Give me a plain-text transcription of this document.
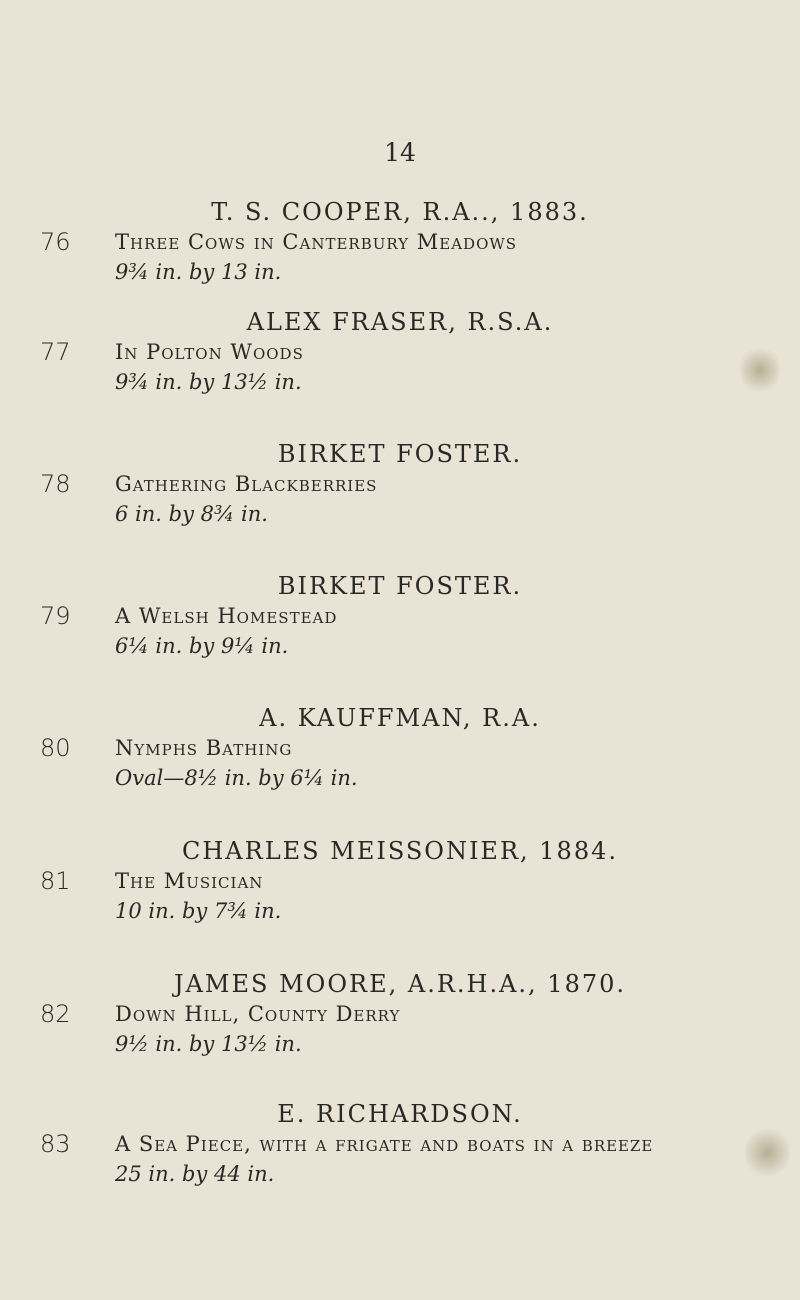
14
T. S. COOPER, R.A.., 1883.
76 Three Cows in Canterbury Meadows
9¾ in. by 13 in.
ALEX FRASER, R.S.A.
77 In Polton Woods
9¾ in. by 13½ in.
BIRKET FOSTER.
78 Gathering Blackberries
6 in. by 8¾ in.
BIRKET FOSTER.
79 A Welsh Homestead
6¼ in. by 9¼ in.
A. KAUFFMAN, R.A.
80 Nymphs Bathing
Oval—8½ in. by 6¼ in.
CHARLES MEISSONIER, 1884.
81 The Musician
10 in. by 7¾ in.
JAMES MOORE, A.R.H.A., 1870.
82 Down Hill, County Derry
9½ in. by 13½ in.
E. RICHARDSON.
83 A Sea Piece, with a frigate and boats in a breeze
25 in. by 44 in.
